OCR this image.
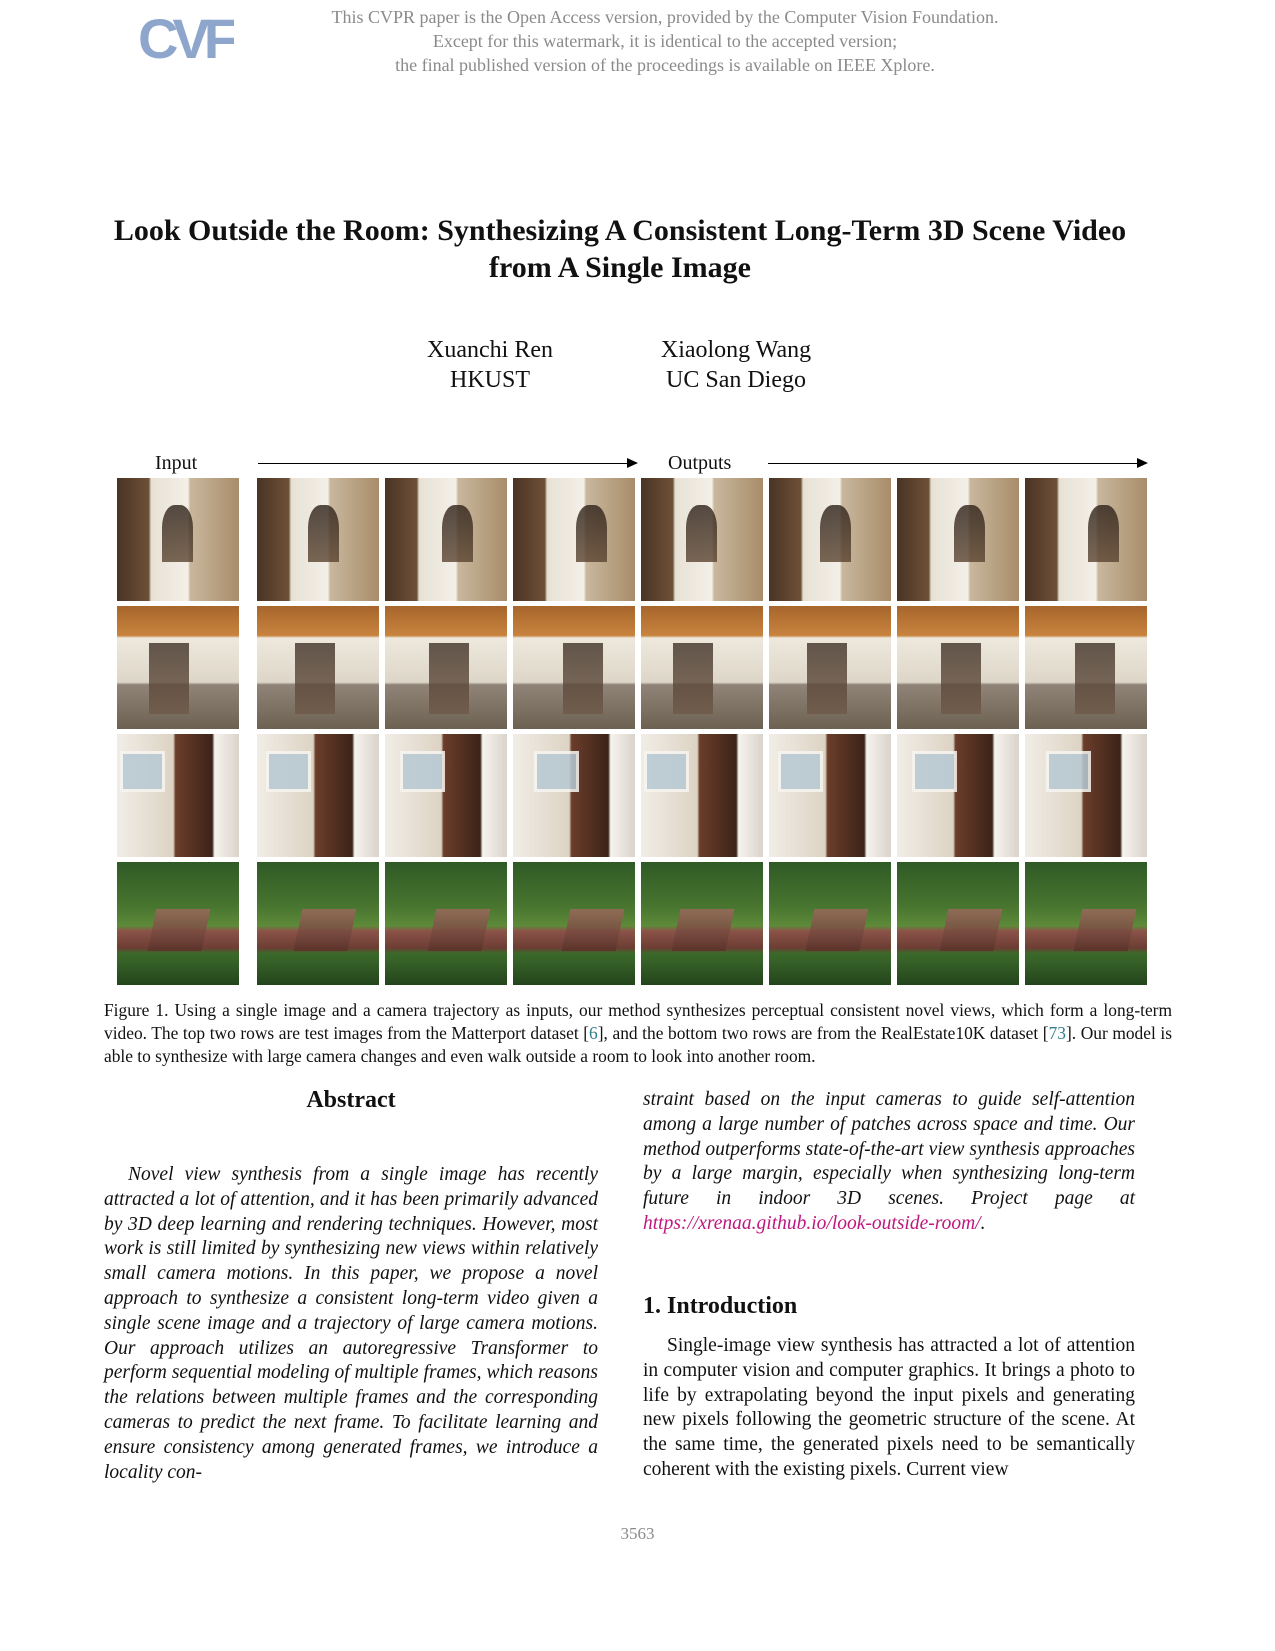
CVF	This CVPR paper is the Open Access version, provided by the Computer Vision Foundation.
Except for this watermark, it is identical to the accepted version;
the final published version of the proceedings is available on IEEE Xplore.
Look Outside the Room: Synthesizing A Consistent Long-Term 3D Scene Video
from A Single Image
Xuanchi Ren
HKUST
Xiaolong Wang
UC San Diego
Input	Outputs
Figure 1. Using a single image and a camera trajectory as inputs, our method synthesizes perceptual consistent novel views, which form a long-term video. The top two rows are test images from the Matterport dataset [6], and the bottom two rows are from the RealEstate10K dataset [73]. Our model is able to synthesize with large camera changes and even walk outside a room to look into another room.
Abstract
Novel view synthesis from a single image has recently attracted a lot of attention, and it has been primarily advanced by 3D deep learning and rendering techniques. However, most work is still limited by synthesizing new views within relatively small camera motions. In this paper, we propose a novel approach to synthesize a consistent long-term video given a single scene image and a trajectory of large camera motions. Our approach utilizes an autoregressive Transformer to perform sequential modeling of multiple frames, which reasons the relations between multiple frames and the corresponding cameras to predict the next frame. To facilitate learning and ensure consistency among generated frames, we introduce a locality con-
straint based on the input cameras to guide self-attention among a large number of patches across space and time. Our method outperforms state-of-the-art view synthesis approaches by a large margin, especially when synthesizing long-term future in indoor 3D scenes. Project page at https://xrenaa.github.io/look-outside-room/.
1. Introduction
Single-image view synthesis has attracted a lot of attention in computer vision and computer graphics. It brings a photo to life by extrapolating beyond the input pixels and generating new pixels following the geometric structure of the scene. At the same time, the generated pixels need to be semantically coherent with the existing pixels. Current view
3563
